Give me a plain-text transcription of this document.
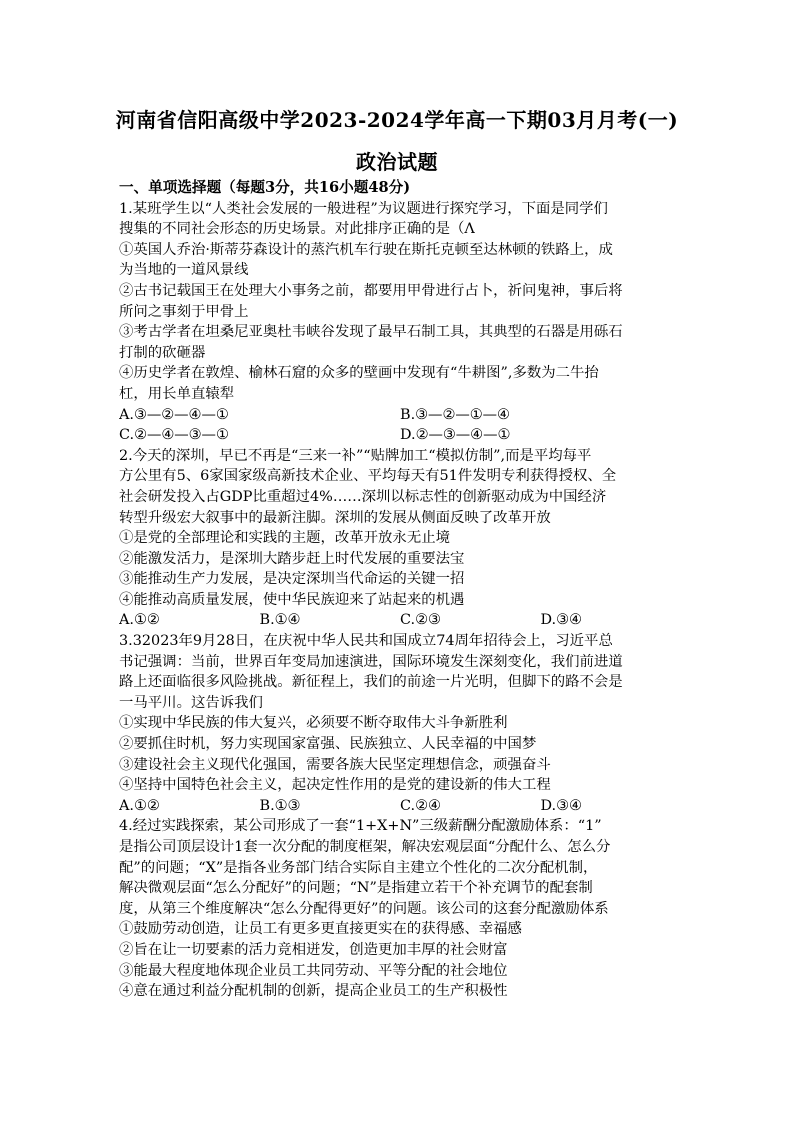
河南省信阳高级中学2023-2024学年高一下期03月月考(一)
政治试题
一、单项选择题（每题3分，共16小题48分)
1.某班学生以“人类社会发展的一般进程”为议题进行探究学习，下面是同学们
搜集的不同社会形态的历史场景。对此排序正确的是（Λ
①英国人乔治·斯蒂芬森设计的蒸汽机车行驶在斯托克顿至达林顿的铁路上，成
为当地的一道风景线
②古书记载国王在处理大小事务之前，都要用甲骨进行占卜，祈问鬼神，事后将
所问之事刻于甲骨上
③考古学者在坦桑尼亚奥杜韦峡谷发现了最早石制工具，其典型的石器是用砾石
打制的砍砸器
④历史学者在敦煌、榆林石窟的众多的壁画中发现有“牛耕图”,多数为二牛抬
杠，用长单直辕犁
A.③—②—④—①	B.③—②—①—④
C.②—④—③—①	D.②—③—④—①
2.今天的深圳，早已不再是“三来一补”“贴牌加工“模拟仿制”,而是平均每平
方公里有5、6家国家级高新技术企业、平均每天有51件发明专利获得授权、全
社会研发投入占GDP比重超过4%……深圳以标志性的创新驱动成为中国经济
转型升级宏大叙事中的最新注脚。深圳的发展从侧面反映了改革开放
①是党的全部理论和实践的主题，改革开放永无止境
②能激发活力，是深圳大踏步赶上时代发展的重要法宝
③能推动生产力发展，是决定深圳当代命运的关键一招
④能推动高质量发展，使中华民族迎来了站起来的机遇
A.①②	B.①④	C.②③	D.③④
3.32023年9月28日，在庆祝中华人民共和国成立74周年招待会上，习近平总
书记强调：当前，世界百年变局加速演进，国际环境发生深刻变化，我们前进道
路上还面临很多风险挑战。新征程上，我们的前途一片光明，但脚下的路不会是
一马平川。这告诉我们
①实现中华民族的伟大复兴，必须要不断夺取伟大斗争新胜利
②要抓住时机，努力实现国家富强、民族独立、人民幸福的中国梦
③建设社会主义现代化强国，需要各族大民坚定理想信念，顽强奋斗
④坚持中国特色社会主义，起决定性作用的是党的建设新的伟大工程
A.①②	B.①③	C.②④	D.③④
4.经过实践探索，某公司形成了一套“1+X+N”三级薪酬分配激励体系：“1”
是指公司顶层设计1套一次分配的制度框架，解决宏观层面“分配什么、怎么分
配”的问题；“X”是指各业务部门结合实际自主建立个性化的二次分配机制，
解决微观层面“怎么分配好”的问题；“N”是指建立若干个补充调节的配套制
度，从第三个维度解决“怎么分配得更好”的问题。该公司的这套分配激励体系
①鼓励劳动创造，让员工有更多更直接更实在的获得感、幸福感
②旨在让一切要素的活力竞相迸发，创造更加丰厚的社会财富
③能最大程度地体现企业员工共同劳动、平等分配的社会地位
④意在通过利益分配机制的创新，提高企业员工的生产积极性
